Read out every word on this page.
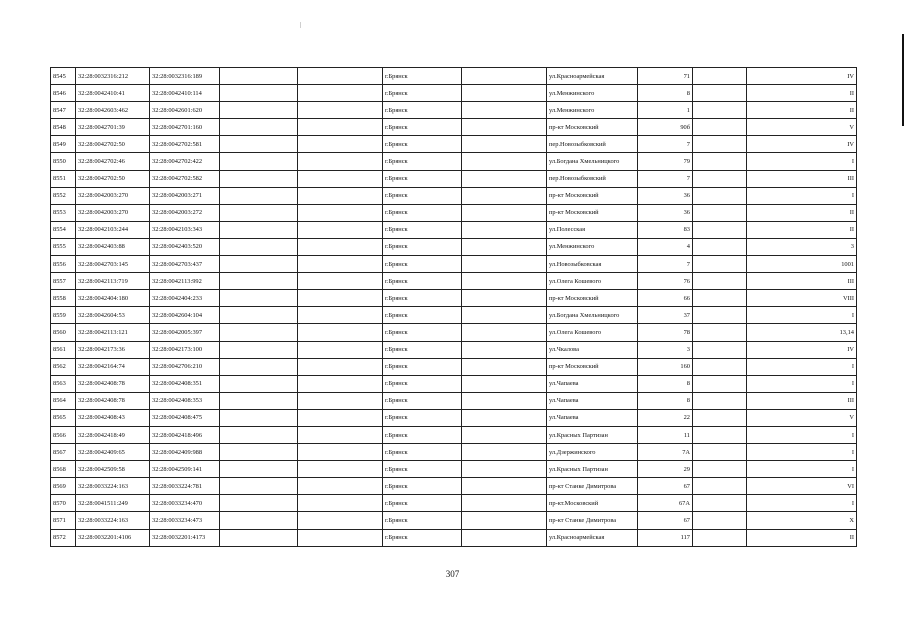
8545	32:28:0032316:212	32:28:0032316:189			г.Брянск		ул.Красноармейская	71		IV
8546	32:28:0042410:41	32:28:0042410:114			г.Брянск		ул.Менжинского	8		II
8547	32:28:0042603:462	32:28:0042601:620			г.Брянск		ул.Менжинского	1		II
8548	32:28:0042701:39	32:28:0042701:160			г.Брянск		пр-кт Московский	90б		V
8549	32:28:0042702:50	32:28:0042702:581			г.Брянск		пер.Новозыбковский	7		IV
8550	32:28:0042702:46	32:28:0042702:422			г.Брянск		ул.Богдана Хмельницкого	79		I
8551	32:28:0042702:50	32:28:0042702:582			г.Брянск		пер.Новозыбковский	7		III
8552	32:28:0042003:270	32:28:0042003:271			г.Брянск		пр-кт Московский	36		I
8553	32:28:0042003:270	32:28:0042003:272			г.Брянск		пр-кт Московский	36		II
8554	32:28:0042103:244	32:28:0042103:343			г.Брянск		ул.Полесская	83		II
8555	32:28:0042403:88	32:28:0042403:520			г.Брянск		ул.Менжинского	4		3
8556	32:28:0042703:145	32:28:0042703:437			г.Брянск		ул.Новозыбковская	7		1001
8557	32:28:0042113:719	32:28:0042113:992			г.Брянск		ул.Олега Кошевого	76		III
8558	32:28:0042404:180	32:28:0042404:233			г.Брянск		пр-кт Московский	66		VIII
8559	32:28:0042604:53	32:28:0042604:104			г.Брянск		ул.Богдана Хмельницкого	37		I
8560	32:28:0042113:121	32:28:0042005:397			г.Брянск		ул.Олега Кошевого	78		13,14
8561	32:28:0042173:36	32:28:0042173:100			г.Брянск		ул.Чкалова	3		IV
8562	32:28:0042164:74	32:28:0042706:210			г.Брянск		пр-кт Московский	160		I
8563	32:28:0042408:78	32:28:0042408:351			г.Брянск		ул.Чапаева	8		I
8564	32:28:0042408:78	32:28:0042408:353			г.Брянск		ул.Чапаева	8		III
8565	32:28:0042408:43	32:28:0042408:475			г.Брянск		ул.Чапаева	22		V
8566	32:28:0042418:49	32:28:0042418:496			г.Брянск		ул.Красных Партизан	11		I
8567	32:28:0042409:65	32:28:0042409:988			г.Брянск		ул.Дзержинского	7А		I
8568	32:28:0042509:58	32:28:0042509:141			г.Брянск		ул.Красных Партизан	29		I
8569	32:28:0033224:163	32:28:0033224:781			г.Брянск		пр-кт Станке Димитрова	67		VI
8570	32:28:0041511:249	32:28:0033234:470			г.Брянск		пр-кт.Московский	67А		I
8571	32:28:0033224:163	32:28:0033234:473			г.Брянск		пр-кт Станке Димитрова	67		X
8572	32:28:0032201:4106	32:28:0032201:4173			г.Брянск		ул.Красноармейская	117		II
307
